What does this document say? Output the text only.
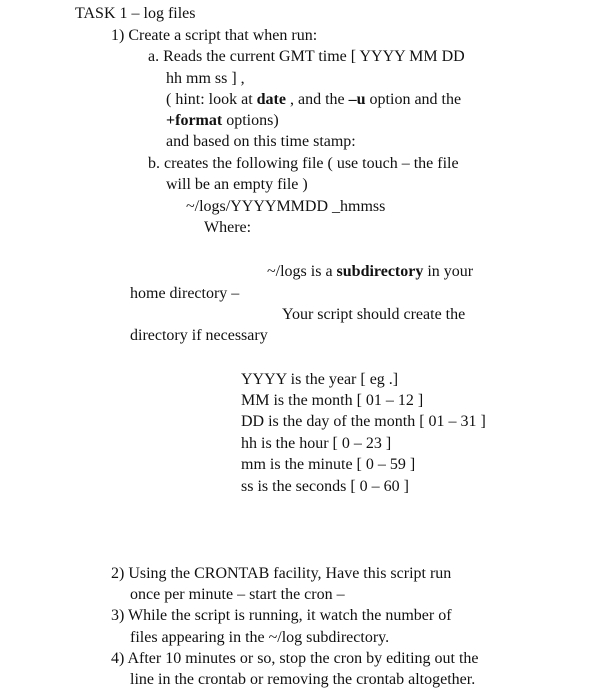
TASK 1 – log files
1) Create a script that when run:
a. Reads the current GMT time [ YYYY MM DD
hh mm ss ] ,
( hint: look at date , and the –u option and the
+format options)
and based on this time stamp:
b. creates the following file ( use touch – the file
will be an empty file )
~/logs/YYYYMMDD _hmmss
Where:
~/logs is a subdirectory in your
home directory –
Your script should create the
directory if necessary
YYYY is the year [ eg .]
MM is the month [ 01 – 12 ]
DD is the day of the month [ 01 – 31 ]
hh is the hour [ 0 – 23 ]
mm is the minute [ 0 – 59 ]
ss is the seconds [ 0 – 60 ]
2) Using the CRONTAB facility, Have this script run
once per minute – start the cron –
3) While the script is running, it watch the number of
files appearing in the ~/log subdirectory.
4) After 10 minutes or so, stop the cron by editing out the
line in the crontab or removing the crontab altogether.
